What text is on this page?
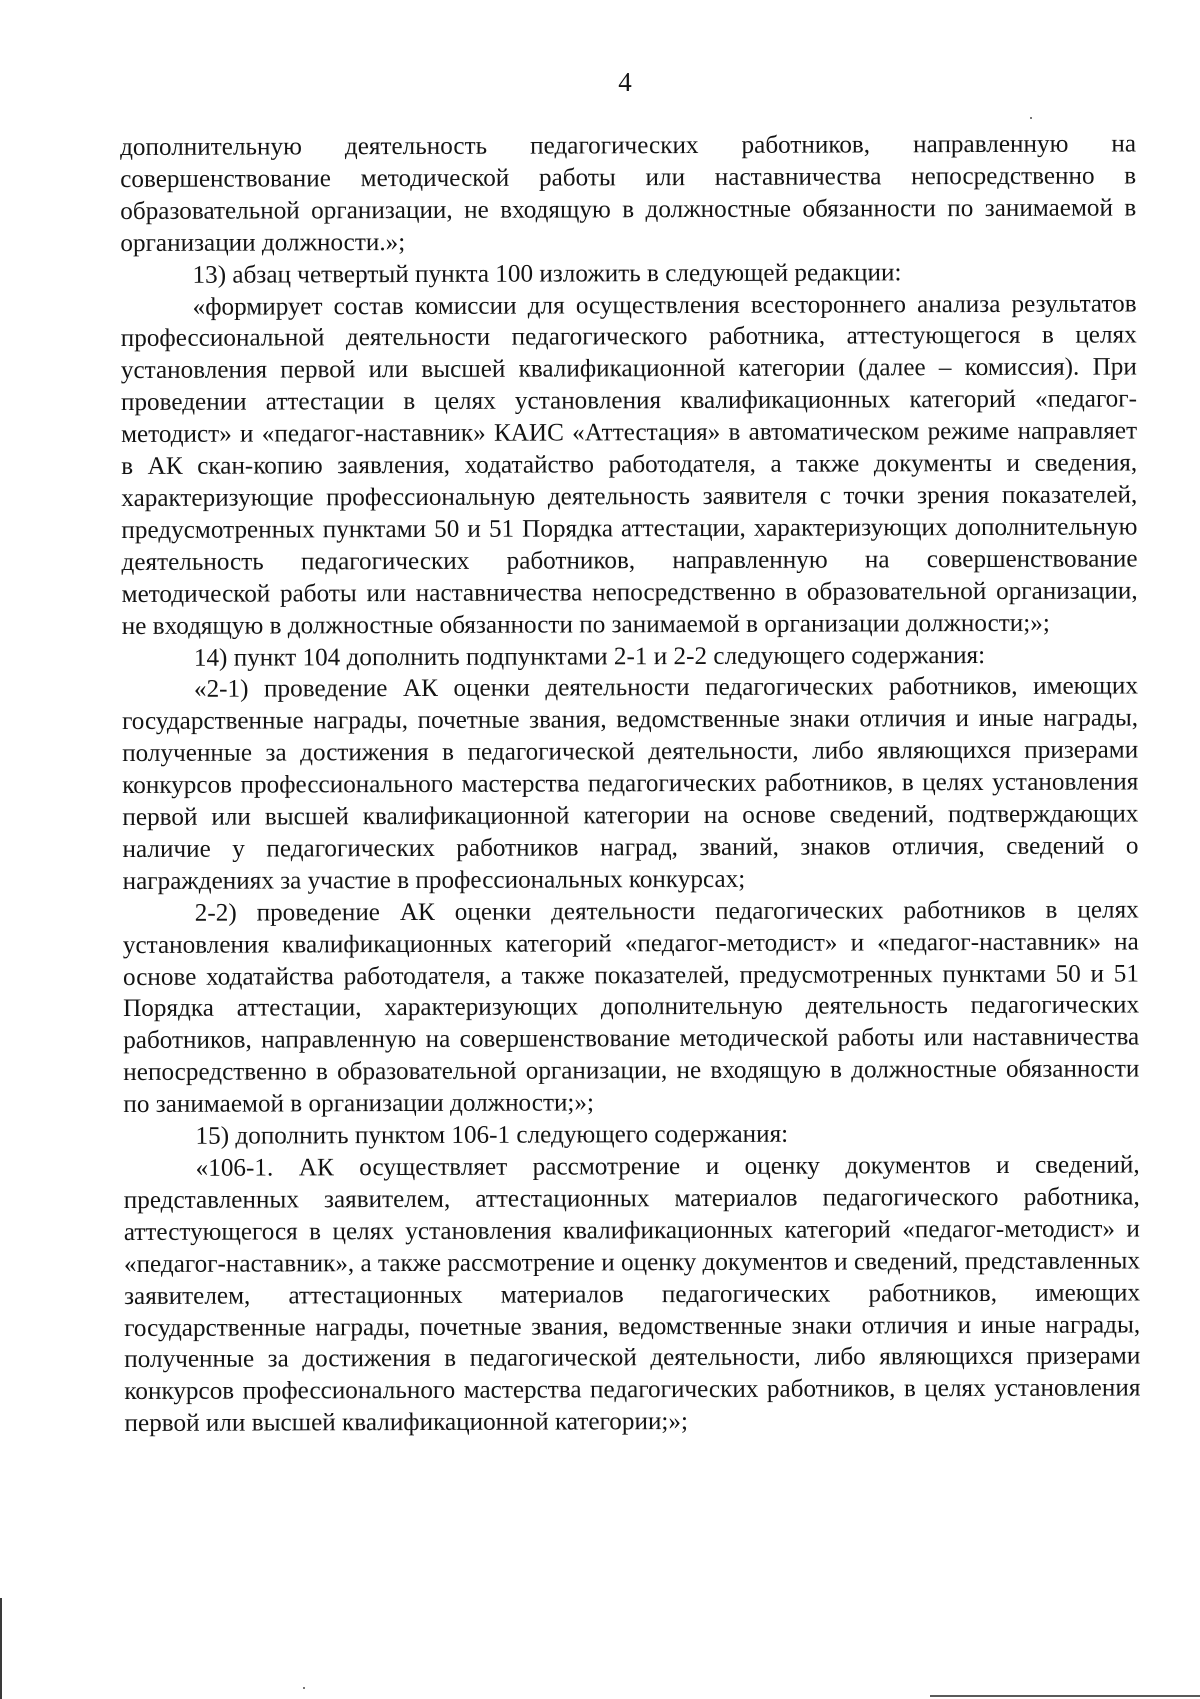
4

дополнительную деятельность педагогических работников, направленную на совершенствование методической работы или наставничества непосредственно в образовательной организации, не входящую в должностные обязанности по занимаемой в организации должности.»;

13) абзац четвертый пункта 100 изложить в следующей редакции:

«формирует состав комиссии для осуществления всестороннего анализа результатов профессиональной деятельности педагогического работника, аттестующегося в целях установления первой или высшей квалификационной категории (далее – комиссия). При проведении аттестации в целях установления квалификационных категорий «педагог-методист» и «педагог-наставник» КАИС «Аттестация» в автоматическом режиме направляет в АК скан-копию заявления, ходатайство работодателя, а также документы и сведения, характеризующие профессиональную деятельность заявителя с точки зрения показателей, предусмотренных пунктами 50 и 51 Порядка аттестации, характеризующих дополнительную деятельность педагогических работников, направленную на совершенствование методической работы или наставничества непосредственно в образовательной организации, не входящую в должностные обязанности по занимаемой в организации должности;»;

14) пункт 104 дополнить подпунктами 2-1 и 2-2 следующего содержания:

«2-1) проведение АК оценки деятельности педагогических работников, имеющих государственные награды, почетные звания, ведомственные знаки отличия и иные награды, полученные за достижения в педагогической деятельности, либо являющихся призерами конкурсов профессионального мастерства педагогических работников, в целях установления первой или высшей квалификационной категории на основе сведений, подтверждающих наличие у педагогических работников наград, званий, знаков отличия, сведений о награждениях за участие в профессиональных конкурсах;

2-2) проведение АК оценки деятельности педагогических работников в целях установления квалификационных категорий «педагог-методист» и «педагог-наставник» на основе ходатайства работодателя, а также показателей, предусмотренных пунктами 50 и 51 Порядка аттестации, характеризующих дополнительную деятельность педагогических работников, направленную на совершенствование методической работы или наставничества непосредственно в образовательной организации, не входящую в должностные обязанности по занимаемой в организации должности;»;

15) дополнить пунктом 106-1 следующего содержания:

«106-1. АК осуществляет рассмотрение и оценку документов и сведений, представленных заявителем, аттестационных материалов педагогического работника, аттестующегося в целях установления квалификационных категорий «педагог-методист» и «педагог-наставник», а также рассмотрение и оценку документов и сведений, представленных заявителем, аттестационных материалов педагогических работников, имеющих государственные награды, почетные звания, ведомственные знаки отличия и иные награды, полученные за достижения в педагогической деятельности, либо являющихся призерами конкурсов профессионального мастерства педагогических работников, в целях установления первой или высшей квалификационной категории;»;
